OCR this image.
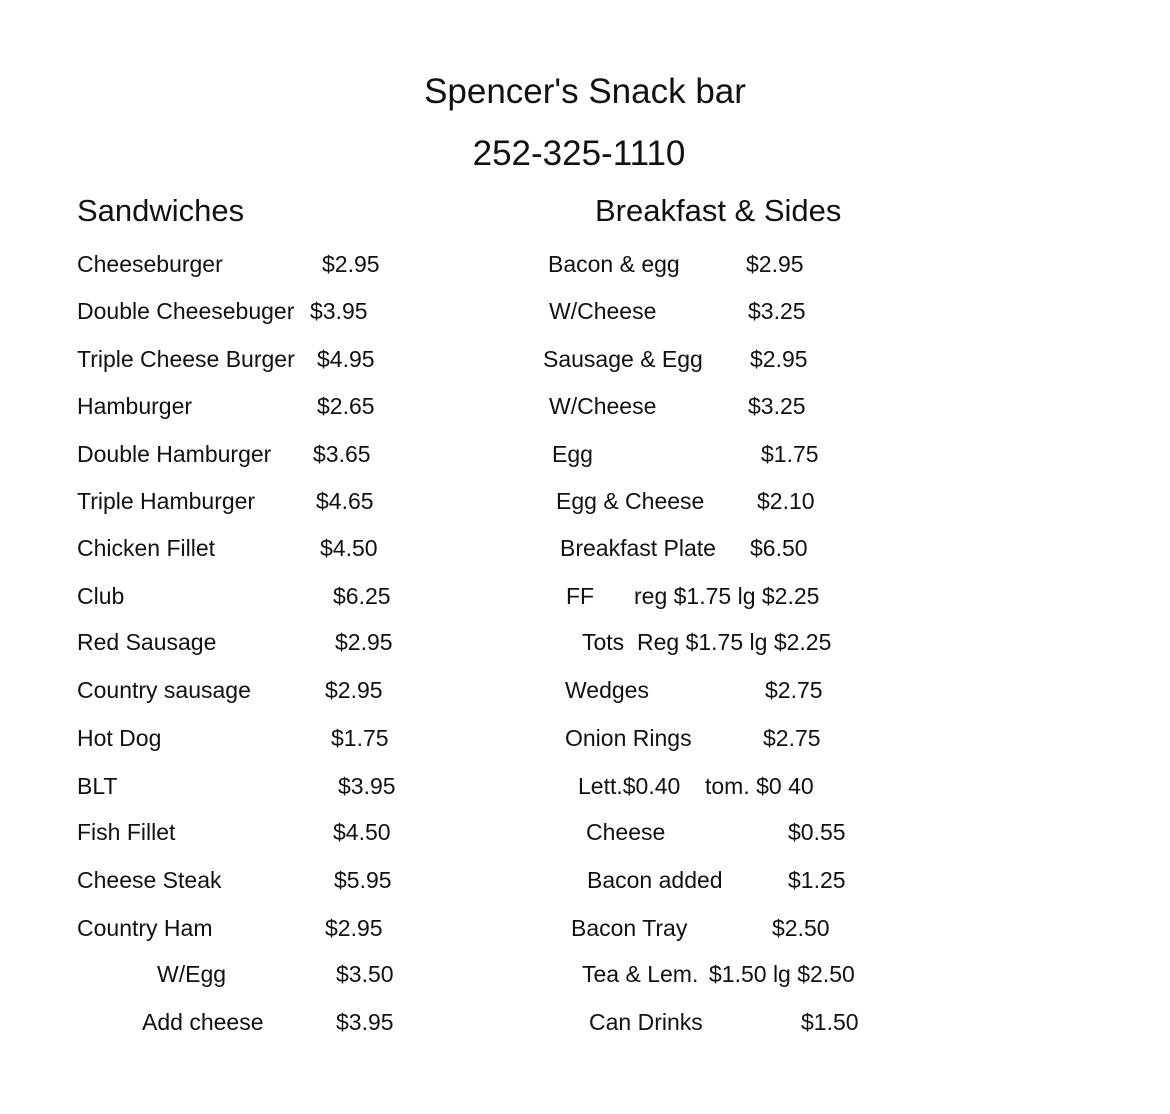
Spencer's Snack bar
252-325-1110
Sandwiches	Breakfast & Sides
Cheeseburger	$2.95
Double Cheesebuger $3.95
Triple Cheese Burger $4.95
Hamburger	$2.65
Double Hamburger $3.65
Triple Hamburger	$4.65
Chicken Fillet	$4.50
Club	$6.25
Red Sausage	$2.95
Country sausage	$2.95
Hot Dog	$1.75
BLT	$3.95
Fish Fillet	$4.50
Cheese Steak	$5.95
Country Ham	$2.95
W/Egg	$3.50
Add cheese	$3.95
Bacon & egg	$2.95
W/Cheese	$3.25
Sausage & Egg $2.95
W/Cheese	$3.25
Egg	$1.75
Egg & Cheese $2.10
Breakfast Plate $6.50
FF reg $1.75 lg $2.25
Tots Reg $1.75 lg $2.25
Wedges	$2.75
Onion Rings	$2.75
Lett.$0.40 tom. $0 40
Cheese	$0.55
Bacon added	$1.25
Bacon Tray	$2.50
Tea & Lem. $1.50 lg $2.50
Can Drinks	$1.50
